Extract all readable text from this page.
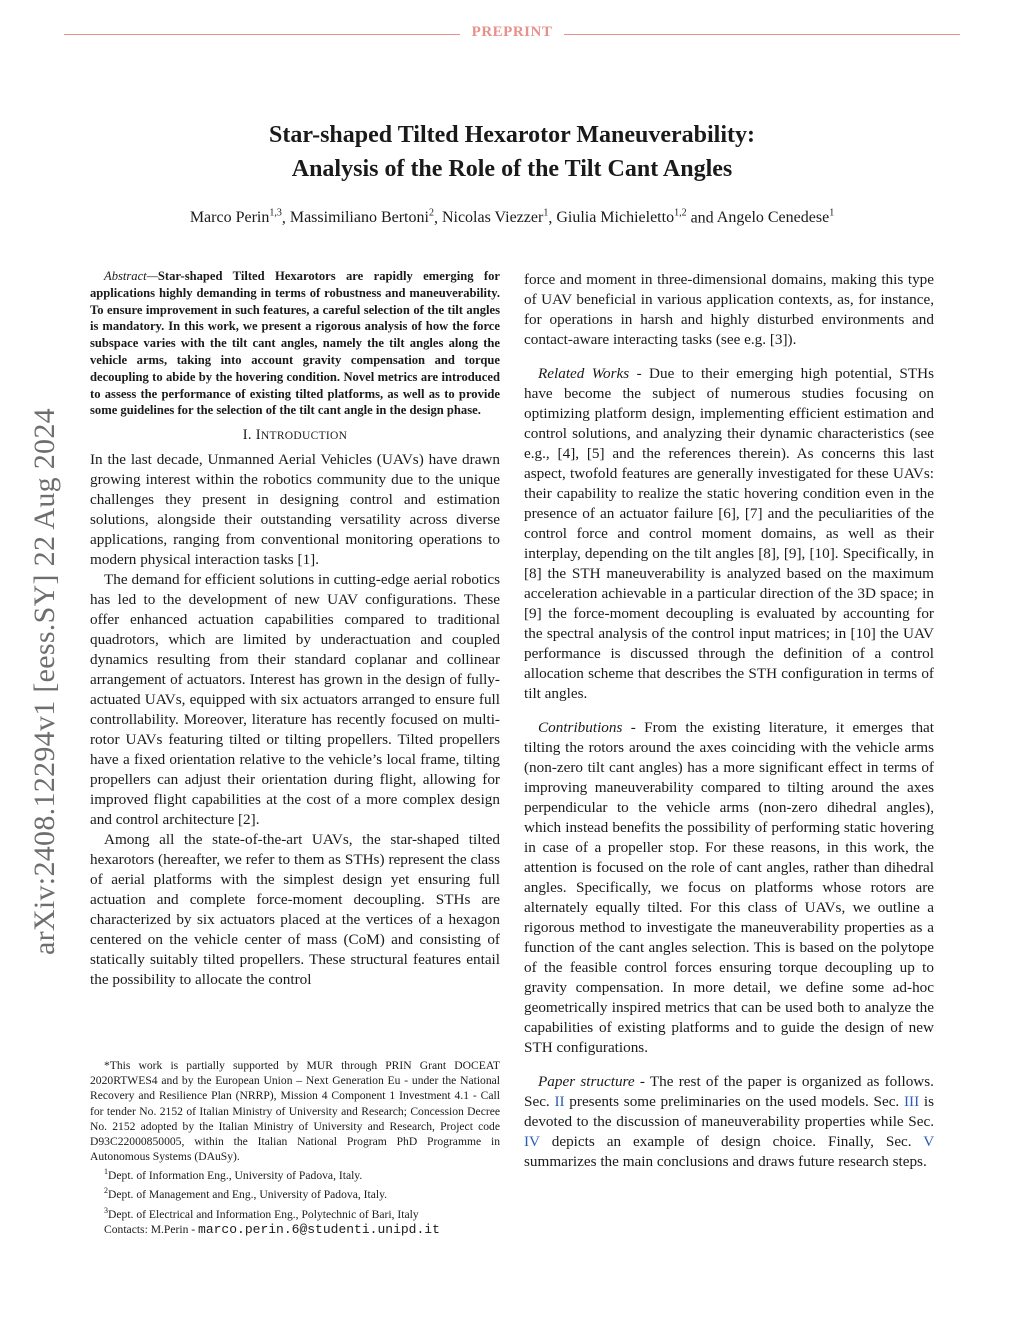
PREPRINT
arXiv:2408.12294v1 [eess.SY] 22 Aug 2024
Star-shaped Tilted Hexarotor Maneuverability:
Analysis of the Role of the Tilt Cant Angles
Marco Perin$^{1,3}$, Massimiliano Bertoni$^2$, Nicolas Viezzer$^1$, Giulia Michieletto$^{1,2}$ and Angelo Cenedese$^1$

Abstract—Star-shaped Tilted Hexarotors are rapidly emerging for applications highly demanding in terms of robustness and maneuverability. To ensure improvement in such features, a careful selection of the tilt angles is mandatory. In this work, we present a rigorous analysis of how the force subspace varies with the tilt cant angles, namely the tilt angles along the vehicle arms, taking into account gravity compensation and torque decoupling to abide by the hovering condition. Novel metrics are introduced to assess the performance of existing tilted platforms, as well as to provide some guidelines for the selection of the tilt cant angle in the design phase.

I. INTRODUCTION

In the last decade, Unmanned Aerial Vehicles (UAVs) have drawn growing interest within the robotics community due to the unique challenges they present in designing control and estimation solutions, alongside their outstanding versatility across diverse applications, ranging from conventional monitoring operations to modern physical interaction tasks [1].

The demand for efficient solutions in cutting-edge aerial robotics has led to the development of new UAV configurations. These offer enhanced actuation capabilities compared to traditional quadrotors, which are limited by underactuation and coupled dynamics resulting from their standard coplanar and collinear arrangement of actuators. Interest has grown in the design of fully-actuated UAVs, equipped with six actuators arranged to ensure full controllability. Moreover, literature has recently focused on multi-rotor UAVs featuring tilted or tilting propellers. Tilted propellers have a fixed orientation relative to the vehicle’s local frame, tilting propellers can adjust their orientation during flight, allowing for improved flight capabilities at the cost of a more complex design and control architecture [2].

Among all the state-of-the-art UAVs, the star-shaped tilted hexarotors (hereafter, we refer to them as STHs) represent the class of aerial platforms with the simplest design yet ensuring full actuation and complete force-moment decoupling. STHs are characterized by six actuators placed at the vertices of a hexagon centered on the vehicle center of mass (CoM) and consisting of statically suitably tilted propellers. These structural features entail the possibility to allocate the control

*This work is partially supported by MUR through PRIN Grant DOCEAT 2020RTWES4 and by the European Union – Next Generation Eu - under the National Recovery and Resilience Plan (NRRP), Mission 4 Component 1 Investment 4.1 - Call for tender No. 2152 of Italian Ministry of University and Research; Concession Decree No. 2152 adopted by the Italian Ministry of University and Research, Project code D93C22000850005, within the Italian National Program PhD Programme in Autonomous Systems (DAuSy).

$^1$Dept. of Information Eng., University of Padova, Italy.

$^2$Dept. of Management and Eng., University of Padova, Italy.

$^3$Dept. of Electrical and Information Eng., Polytechnic of Bari, Italy

Contacts: M.Perin - marco.perin.6@studenti.unipd.it

force and moment in three-dimensional domains, making this type of UAV beneficial in various application contexts, as, for instance, for operations in harsh and highly disturbed environments and contact-aware interacting tasks (see e.g. [3]).

Related Works - Due to their emerging high potential, STHs have become the subject of numerous studies focusing on optimizing platform design, implementing efficient estimation and control solutions, and analyzing their dynamic characteristics (see e.g., [4], [5] and the references therein). As concerns this last aspect, twofold features are generally investigated for these UAVs: their capability to realize the static hovering condition even in the presence of an actuator failure [6], [7] and the peculiarities of the control force and control moment domains, as well as their interplay, depending on the tilt angles [8], [9], [10]. Specifically, in [8] the STH maneuverability is analyzed based on the maximum acceleration achievable in a particular direction of the 3D space; in [9] the force-moment decoupling is evaluated by accounting for the spectral analysis of the control input matrices; in [10] the UAV performance is discussed through the definition of a control allocation scheme that describes the STH configuration in terms of tilt angles.

Contributions - From the existing literature, it emerges that tilting the rotors around the axes coinciding with the vehicle arms (non-zero tilt cant angles) has a more significant effect in terms of improving maneuverability compared to tilting around the axes perpendicular to the vehicle arms (non-zero dihedral angles), which instead benefits the possibility of performing static hovering in case of a propeller stop. For these reasons, in this work, the attention is focused on the role of cant angles, rather than dihedral angles. Specifically, we focus on platforms whose rotors are alternately equally tilted. For this class of UAVs, we outline a rigorous method to investigate the maneuverability properties as a function of the cant angles selection. This is based on the polytope of the feasible control forces ensuring torque decoupling up to gravity compensation. In more detail, we define some ad-hoc geometrically inspired metrics that can be used both to analyze the capabilities of existing platforms and to guide the design of new STH configurations.

Paper structure - The rest of the paper is organized as follows. Sec. II presents some preliminaries on the used models. Sec. III is devoted to the discussion of maneuverability properties while Sec. IV depicts an example of design choice. Finally, Sec. V summarizes the main conclusions and draws future research steps.
